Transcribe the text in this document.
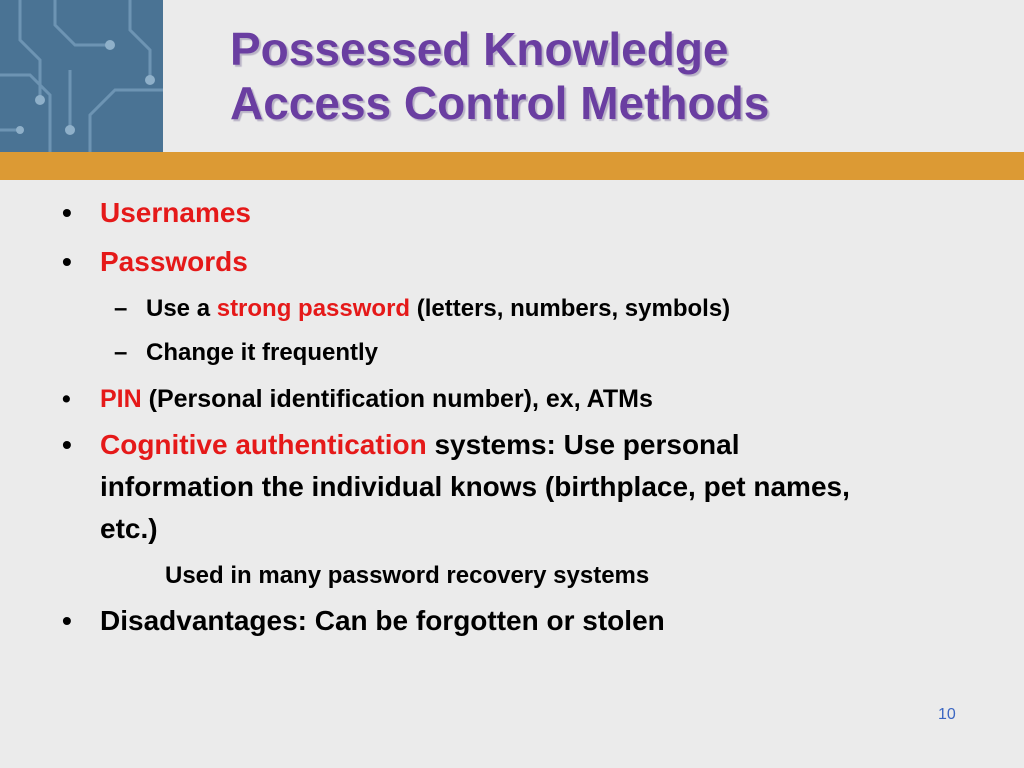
Possessed Knowledge
Access Control Methods
• Usernames
• Passwords
– Use a strong password (letters, numbers, symbols)
– Change it frequently
• PIN (Personal identification number), ex, ATMs
• Cognitive authentication systems: Use personal information the individual knows (birthplace, pet names, etc.)
Used in many password recovery systems
• Disadvantages: Can be forgotten or stolen
10
